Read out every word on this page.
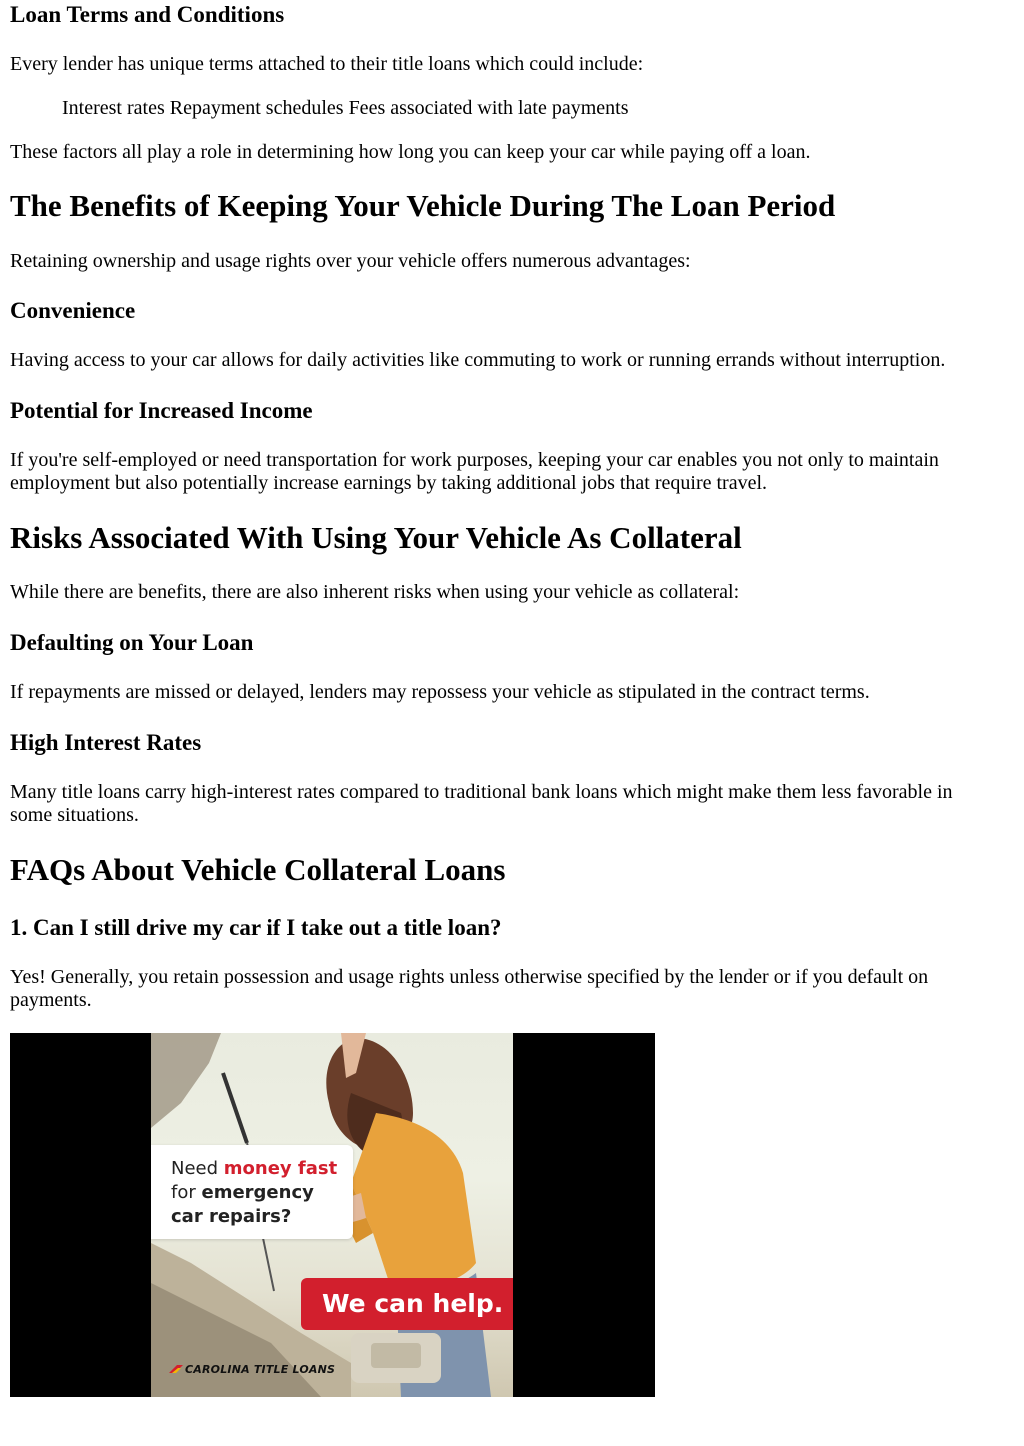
Loan Terms and Conditions

Every lender has unique terms attached to their title loans which could include:

Interest rates Repayment schedules Fees associated with late payments

These factors all play a role in determining how long you can keep your car while paying off a loan.

The Benefits of Keeping Your Vehicle During The Loan Period

Retaining ownership and usage rights over your vehicle offers numerous advantages:

Convenience

Having access to your car allows for daily activities like commuting to work or running errands without interruption.

Potential for Increased Income

If you're self-employed or need transportation for work purposes, keeping your car enables you not only to maintain employment but also potentially increase earnings by taking additional jobs that require travel.

Risks Associated With Using Your Vehicle As Collateral

While there are benefits, there are also inherent risks when using your vehicle as collateral:

Defaulting on Your Loan

If repayments are missed or delayed, lenders may repossess your vehicle as stipulated in the contract terms.

High Interest Rates

Many title loans carry high-interest rates compared to traditional bank loans which might make them less favorable in some situations.

FAQs About Vehicle Collateral Loans
1. Can I still drive my car if I take out a title loan?

Yes! Generally, you retain possession and usage rights unless otherwise specified by the lender or if you default on payments.

Need money fast
for emergency
car repairs?
We can help.
CAROLINA TITLE LOANS
